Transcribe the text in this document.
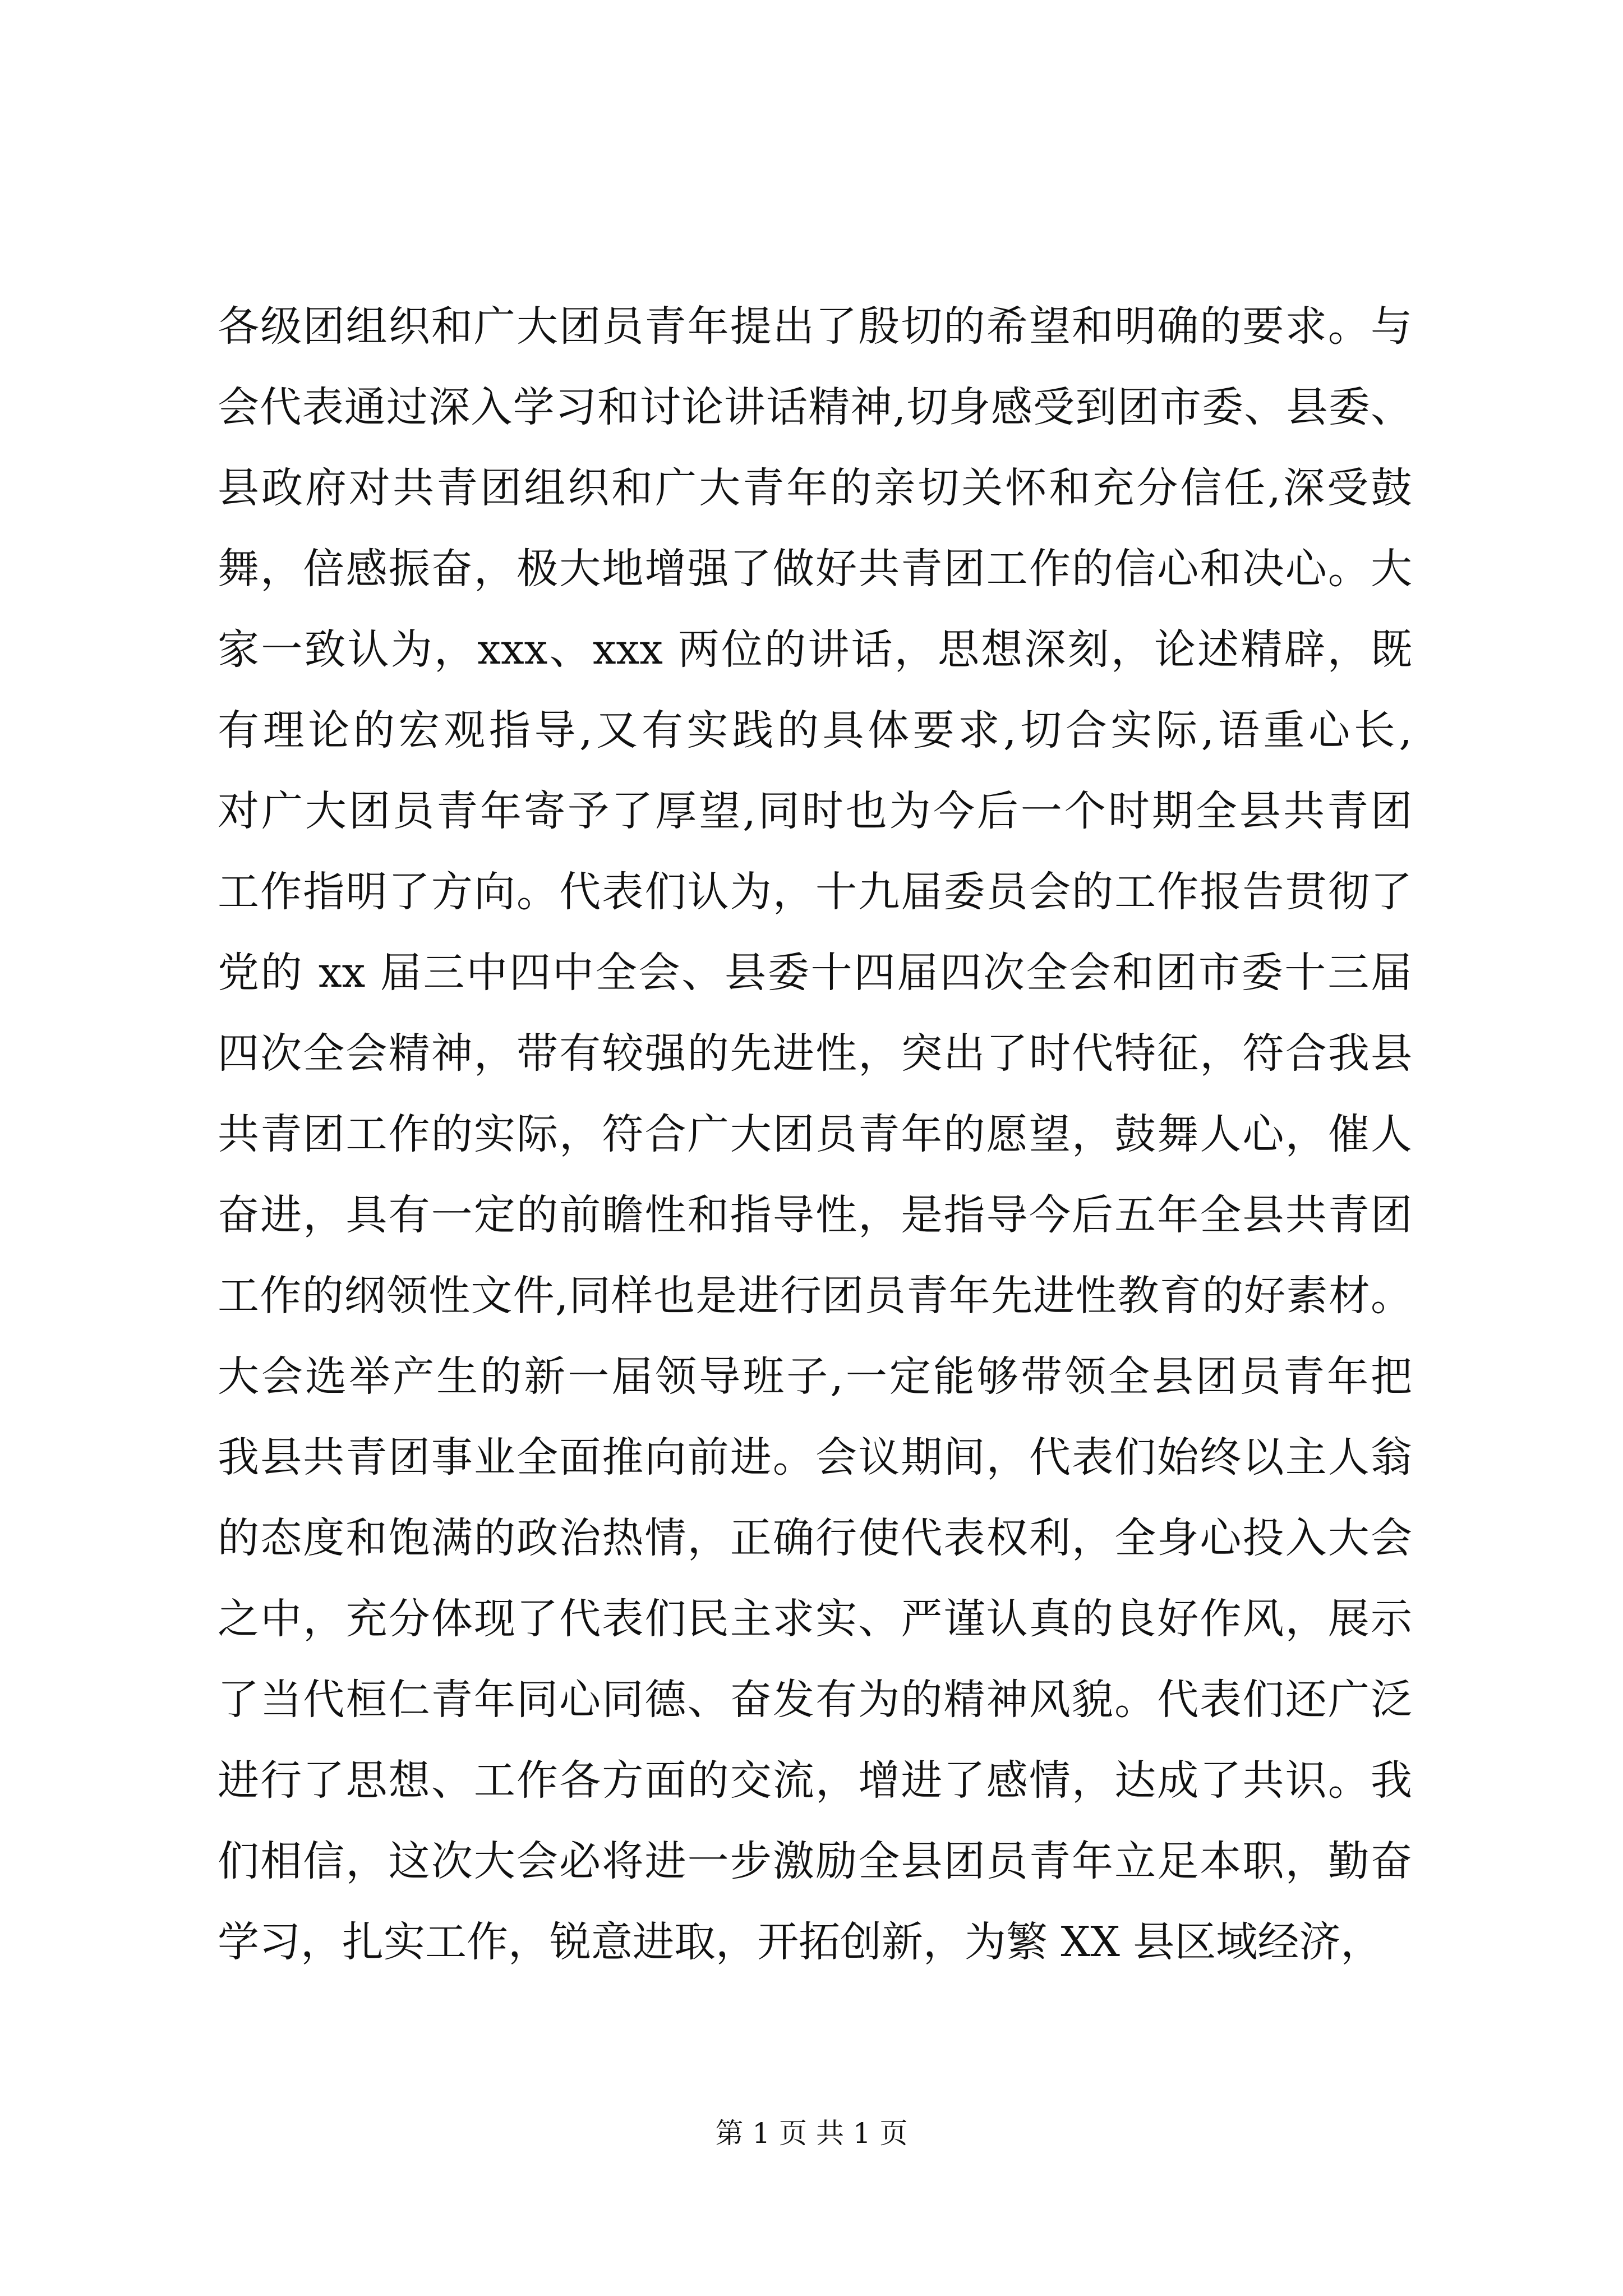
各级团组织和广大团员青年提出了殷切的希望和明确的要求。与
会代表通过深入学习和讨论讲话精神,切身感受到团市委、县委、
县政府对共青团组织和广大青年的亲切关怀和充分信任,深受鼓
舞，倍感振奋，极大地增强了做好共青团工作的信心和决心。大
家一致认为，xxx、xxx 两位的讲话，思想深刻，论述精辟，既
有理论的宏观指导,又有实践的具体要求,切合实际,语重心长,
对广大团员青年寄予了厚望,同时也为今后一个时期全县共青团
工作指明了方向。代表们认为，十九届委员会的工作报告贯彻了
党的 xx 届三中四中全会、县委十四届四次全会和团市委十三届
四次全会精神，带有较强的先进性，突出了时代特征，符合我县
共青团工作的实际，符合广大团员青年的愿望，鼓舞人心，催人
奋进，具有一定的前瞻性和指导性，是指导今后五年全县共青团
工作的纲领性文件,同样也是进行团员青年先进性教育的好素材。
大会选举产生的新一届领导班子,一定能够带领全县团员青年把
我县共青团事业全面推向前进。会议期间，代表们始终以主人翁
的态度和饱满的政治热情，正确行使代表权利，全身心投入大会
之中，充分体现了代表们民主求实、严谨认真的良好作风，展示
了当代桓仁青年同心同德、奋发有为的精神风貌。代表们还广泛
进行了思想、工作各方面的交流，增进了感情，达成了共识。我
们相信，这次大会必将进一步激励全县团员青年立足本职，勤奋
学习，扎实工作，锐意进取，开拓创新，为繁 XX 县区域经济，
第 1 页 共 1 页
